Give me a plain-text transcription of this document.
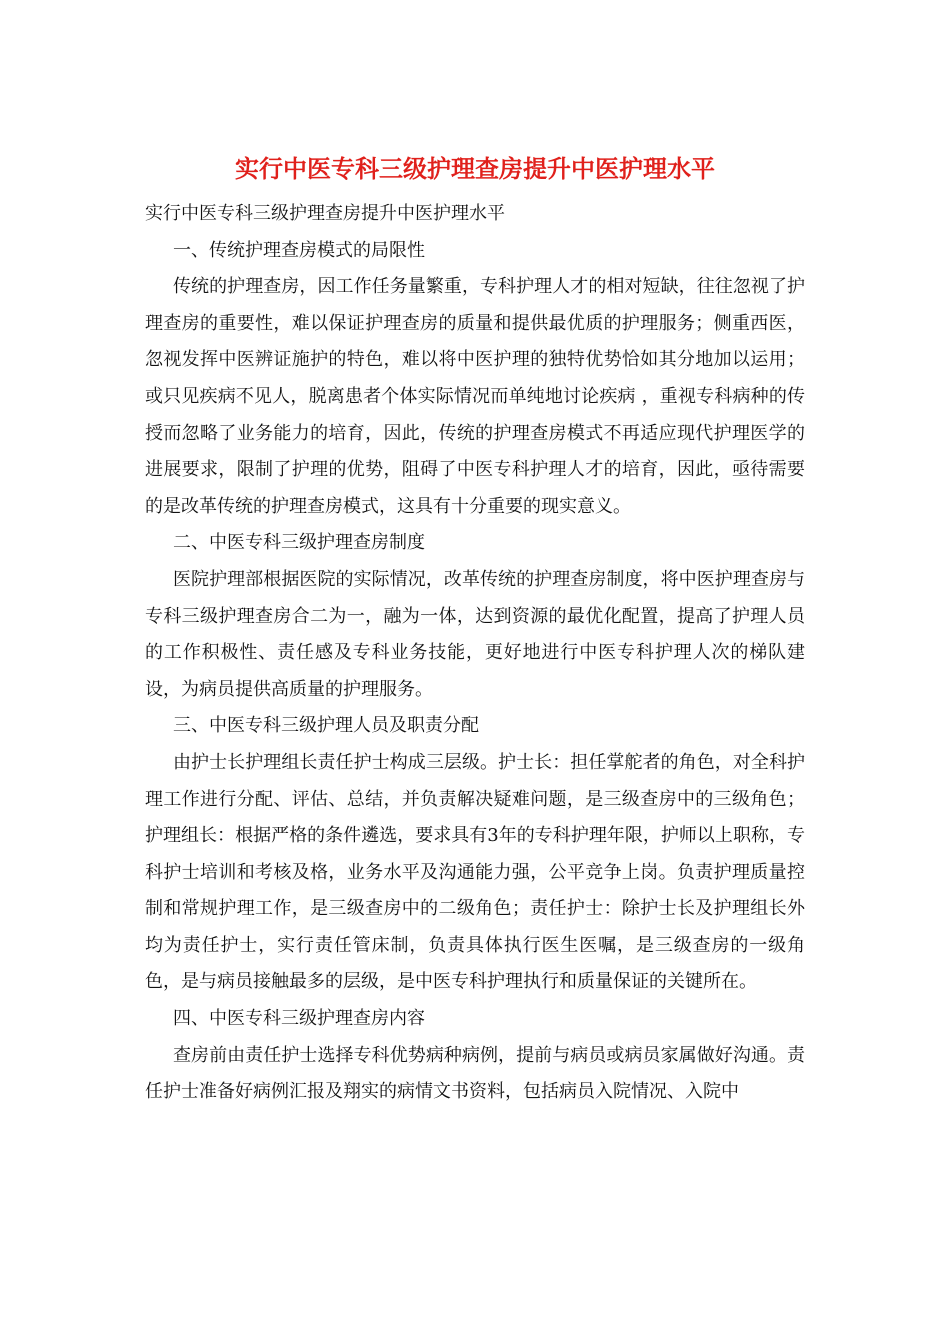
实行中医专科三级护理查房提升中医护理水平

实行中医专科三级护理查房提升中医护理水平

一、传统护理查房模式的局限性

传统的护理查房，因工作任务量繁重，专科护理人才的相对短缺，往往忽视了护理查房的重要性，难以保证护理查房的质量和提供最优质的护理服务；侧重西医，忽视发挥中医辨证施护的特色，难以将中医护理的独特优势恰如其分地加以运用；或只见疾病不见人，脱离患者个体实际情况而单纯地讨论疾病 ，重视专科病种的传授而忽略了业务能力的培育，因此，传统的护理查房模式不再适应现代护理医学的进展要求，限制了护理的优势，阻碍了中医专科护理人才的培育，因此，亟待需要的是改革传统的护理查房模式，这具有十分重要的现实意义。

二、中医专科三级护理查房制度

医院护理部根据医院的实际情况，改革传统的护理查房制度，将中医护理查房与专科三级护理查房合二为一，融为一体，达到资源的最优化配置，提高了护理人员的工作积极性、责任感及专科业务技能，更好地进行中医专科护理人次的梯队建设，为病员提供高质量的护理服务。

三、中医专科三级护理人员及职责分配

由护士长护理组长责任护士构成三层级。护士长：担任掌舵者的角色，对全科护理工作进行分配、评估、总结，并负责解决疑难问题，是三级查房中的三级角色；护理组长：根据严格的条件遴选，要求具有3年的专科护理年限，护师以上职称，专科护士培训和考核及格，业务水平及沟通能力强，公平竞争上岗。负责护理质量控制和常规护理工作，是三级查房中的二级角色；责任护士：除护士长及护理组长外均为责任护士，实行责任管床制，负责具体执行医生医嘱，是三级查房的一级角色，是与病员接触最多的层级，是中医专科护理执行和质量保证的关键所在。

四、中医专科三级护理查房内容

查房前由责任护士选择专科优势病种病例，提前与病员或病员家属做好沟通。责任护士准备好病例汇报及翔实的病情文书资料，包括病员入院情况、入院中
